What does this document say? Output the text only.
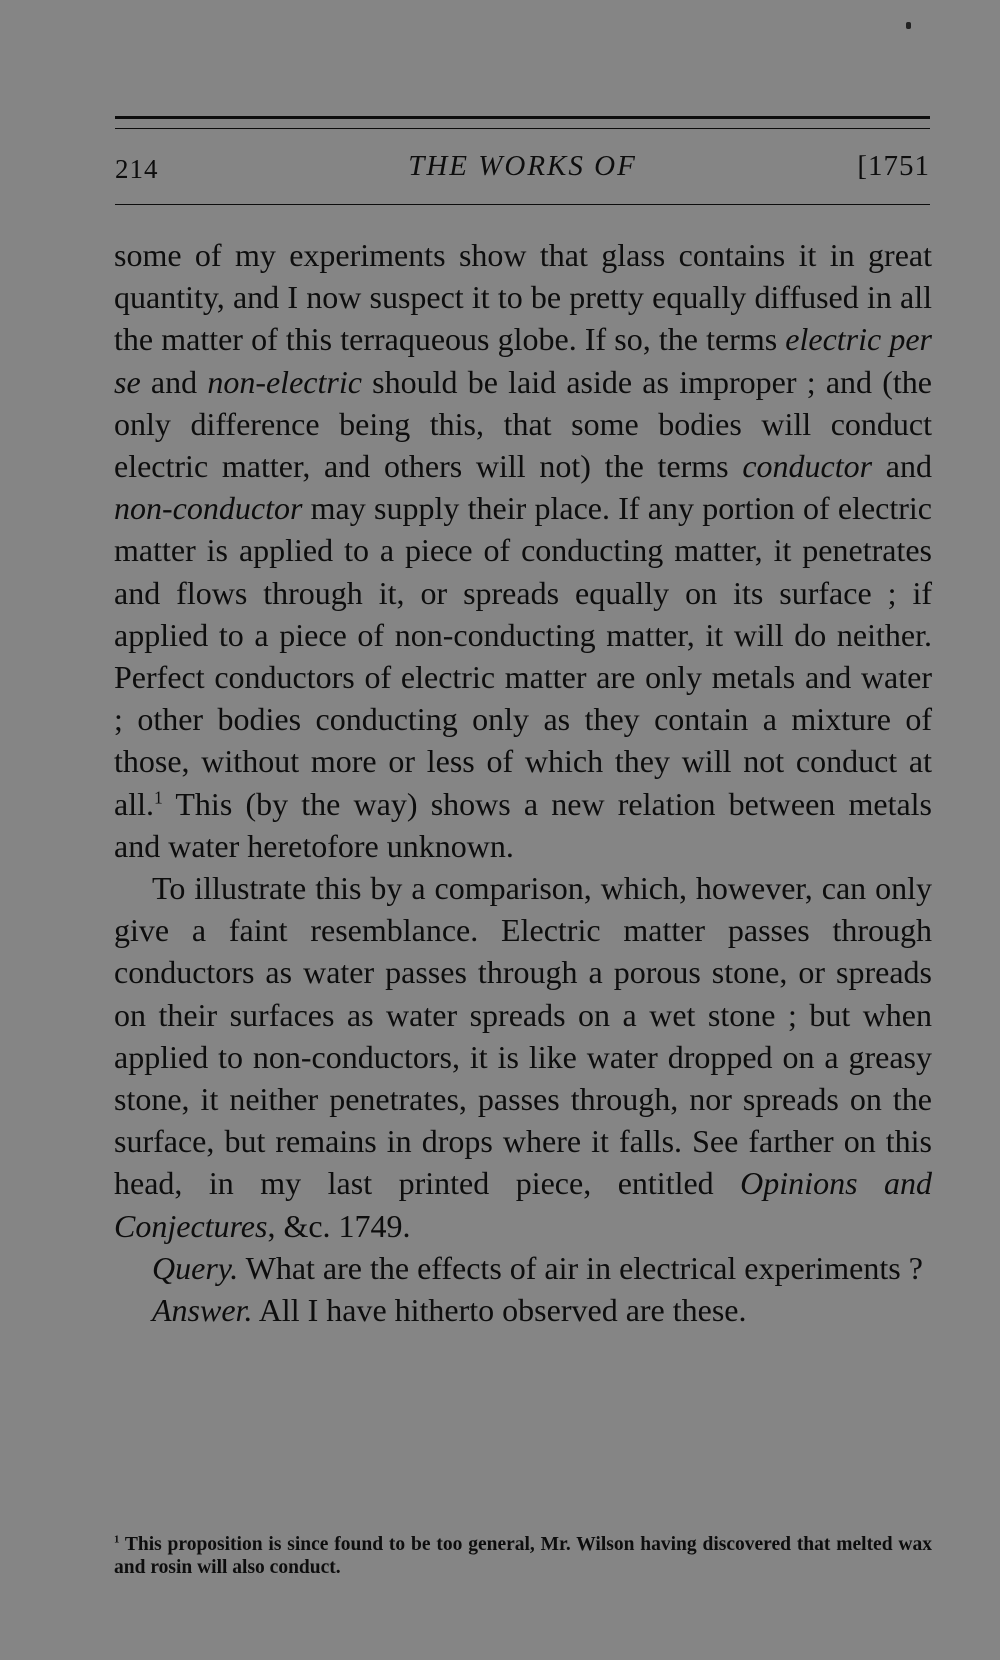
214	THE WORKS OF	[1751

some of my experiments show that glass contains it in great quantity, and I now suspect it to be pretty equally diffused in all the matter of this terraqueous globe. If so, the terms electric per se and non-electric should be laid aside as improper ; and (the only difference being this, that some bodies will conduct electric matter, and others will not) the terms conductor and non-conductor may supply their place. If any portion of electric matter is applied to a piece of conducting matter, it penetrates and flows through it, or spreads equally on its surface ; if applied to a piece of non-conducting matter, it will do neither. Perfect conductors of electric matter are only metals and water ; other bodies conducting only as they contain a mixture of those, without more or less of which they will not conduct at all.$^1$ This (by the way) shows a new relation between metals and water heretofore unknown.

To illustrate this by a comparison, which, however, can only give a faint resemblance. Electric matter passes through conductors as water passes through a porous stone, or spreads on their surfaces as water spreads on a wet stone ; but when applied to non-conductors, it is like water dropped on a greasy stone, it neither penetrates, passes through, nor spreads on the surface, but remains in drops where it falls. See farther on this head, in my last printed piece, entitled Opinions and Conjectures, &c. 1749.

Query. What are the effects of air in electrical experiments ?

Answer. All I have hitherto observed are these.

$^1$ This proposition is since found to be too general, Mr. Wilson having discovered that melted wax and rosin will also conduct.
